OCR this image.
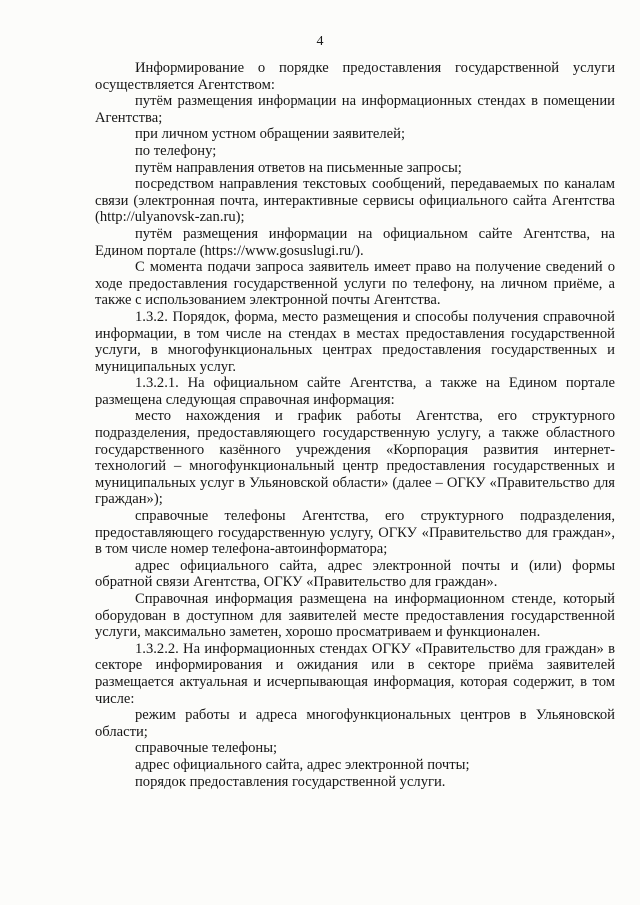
4

Информирование о порядке предоставления государственной услуги осуществляется Агентством:

путём размещения информации на информационных стендах в помещении Агентства;

при личном устном обращении заявителей;

по телефону;

путём направления ответов на письменные запросы;

посредством направления текстовых сообщений, передаваемых по каналам связи (электронная почта, интерактивные сервисы официального сайта Агентства (http://ulyanovsk-zan.ru);

путём размещения информации на официальном сайте Агентства, на Едином портале (https://www.gosuslugi.ru/).

С момента подачи запроса заявитель имеет право на получение сведений о ходе предоставления государственной услуги по телефону, на личном приёме, а также с использованием электронной почты Агентства.

1.3.2. Порядок, форма, место размещения и способы получения справочной информации, в том числе на стендах в местах предоставления государственной услуги, в многофункциональных центрах предоставления государственных и муниципальных услуг.

1.3.2.1. На официальном сайте Агентства, а также на Едином портале размещена следующая справочная информация:

место нахождения и график работы Агентства, его структурного подразделения, предоставляющего государственную услугу, а также областного государственного казённого учреждения «Корпорация развития интернет-технологий – многофункциональный центр предоставления государственных и муниципальных услуг в Ульяновской области» (далее – ОГКУ «Правительство для граждан»);

справочные телефоны Агентства, его структурного подразделения, предоставляющего государственную услугу, ОГКУ «Правительство для граждан», в том числе номер телефона-автоинформатора;

адрес официального сайта, адрес электронной почты и (или) формы обратной связи Агентства, ОГКУ «Правительство для граждан».

Справочная информация размещена на информационном стенде, который оборудован в доступном для заявителей месте предоставления государственной услуги, максимально заметен, хорошо просматриваем и функционален.

1.3.2.2. На информационных стендах ОГКУ «Правительство для граждан» в секторе информирования и ожидания или в секторе приёма заявителей размещается актуальная и исчерпывающая информация, которая содержит, в том числе:

режим работы и адреса многофункциональных центров в Ульяновской области;

справочные телефоны;

адрес официального сайта, адрес электронной почты;

порядок предоставления государственной услуги.
